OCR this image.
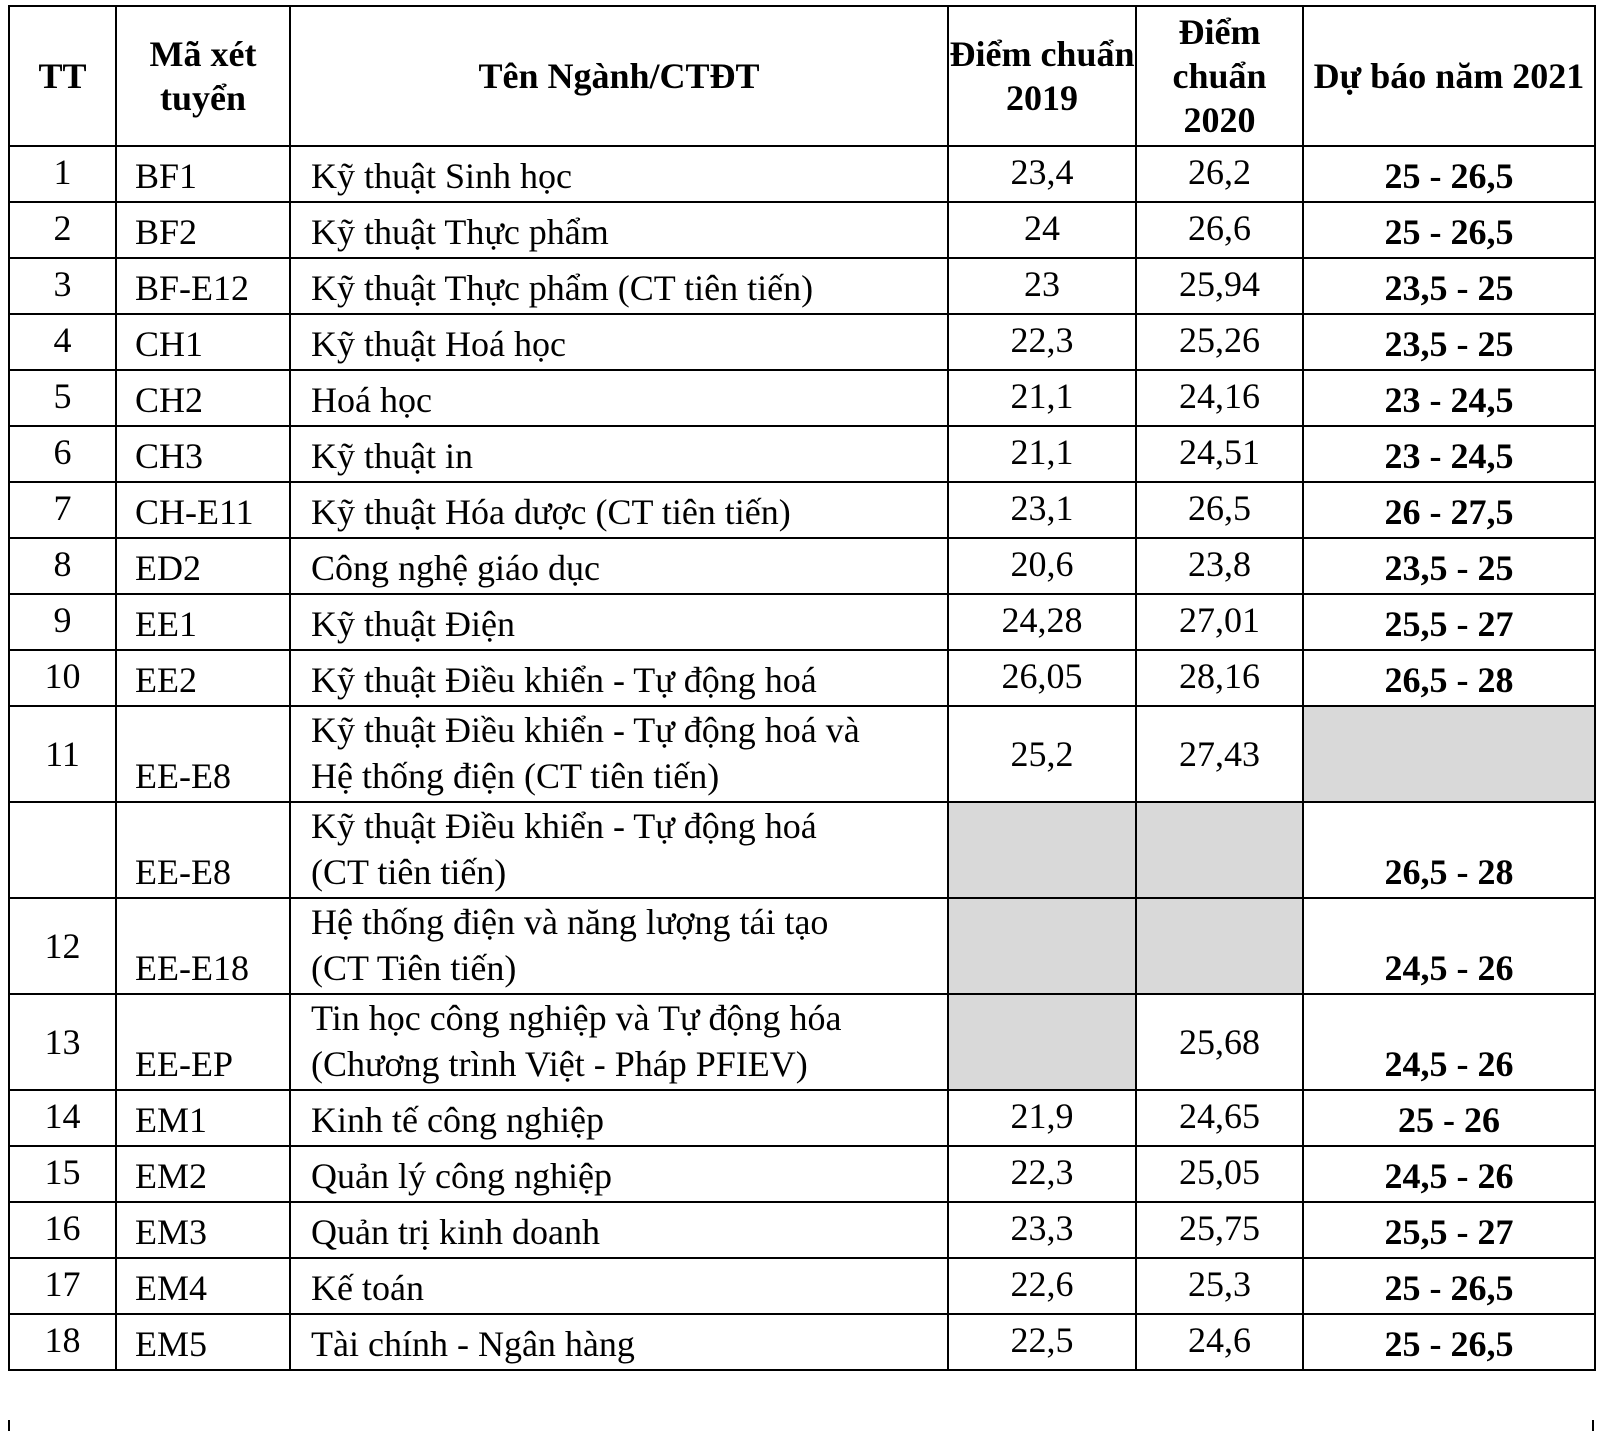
TT	Mã xét tuyển	Tên Ngành/CTĐT	Điểm chuẩn 2019	Điểm chuẩn 2020	Dự báo năm 2021
1	BF1	Kỹ thuật Sinh học	23,4	26,2	25 - 26,5
2	BF2	Kỹ thuật Thực phẩm	24	26,6	25 - 26,5
3	BF-E12	Kỹ thuật Thực phẩm (CT tiên tiến)	23	25,94	23,5 - 25
4	CH1	Kỹ thuật Hoá học	22,3	25,26	23,5 - 25
5	CH2	Hoá học	21,1	24,16	23 - 24,5
6	CH3	Kỹ thuật in	21,1	24,51	23 - 24,5
7	CH-E11	Kỹ thuật Hóa dược (CT tiên tiến)	23,1	26,5	26 - 27,5
8	ED2	Công nghệ giáo dục	20,6	23,8	23,5 - 25
9	EE1	Kỹ thuật Điện	24,28	27,01	25,5 - 27
10	EE2	Kỹ thuật Điều khiển - Tự động hoá	26,05	28,16	26,5 - 28
11	EE-E8	Kỹ thuật Điều khiển - Tự động hoá và
Hệ thống điện (CT tiên tiến)	25,2	27,43	
	EE-E8	Kỹ thuật Điều khiển - Tự động hoá
(CT tiên tiến)			26,5 - 28
12	EE-E18	Hệ thống điện và năng lượng tái tạo
(CT Tiên tiến)			24,5 - 26
13	EE-EP	Tin học công nghiệp và Tự động hóa
(Chương trình Việt - Pháp PFIEV)		25,68	24,5 - 26
14	EM1	Kinh tế công nghiệp	21,9	24,65	25 - 26
15	EM2	Quản lý công nghiệp	22,3	25,05	24,5 - 26
16	EM3	Quản trị kinh doanh	23,3	25,75	25,5 - 27
17	EM4	Kế toán	22,6	25,3	25 - 26,5
18	EM5	Tài chính - Ngân hàng	22,5	24,6	25 - 26,5
